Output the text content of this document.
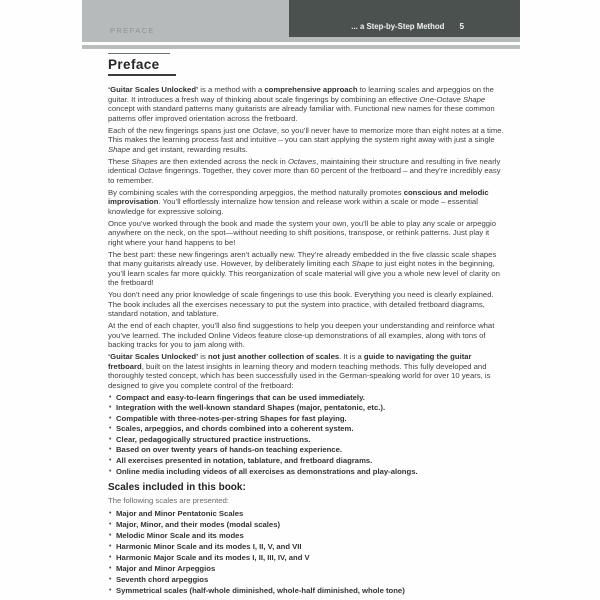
PREFACE	... a Step-by-Step Method 5
Preface

‘Guitar Scales Unlocked’ is a method with a comprehensive approach to learning scales and arpeggios on the guitar. It introduces a fresh way of thinking about scale fingerings by combining an effective One-Octave Shape concept with standard patterns many guitarists are already familiar with. Functional new names for these common patterns offer improved orientation across the fretboard.

Each of the new fingerings spans just one Octave, so you’ll never have to memorize more than eight notes at a time. This makes the learning process fast and intuitive – you can start applying the system right away with just a single Shape and get instant, rewarding results.

These Shapes are then extended across the neck in Octaves, maintaining their structure and resulting in five nearly identical Octave fingerings. Together, they cover more than 60 percent of the fretboard – and they’re incredibly easy to remember.

By combining scales with the corresponding arpeggios, the method naturally promotes conscious and melodic improvisation. You’ll effortlessly internalize how tension and release work within a scale or mode – essential knowledge for expressive soloing.

Once you’ve worked through the book and made the system your own, you’ll be able to play any scale or arpeggio anywhere on the neck, on the spot—without needing to shift positions, transpose, or rethink patterns. Just play it right where your hand happens to be!

The best part: these new fingerings aren’t actually new. They’re already embedded in the five classic scale shapes that many guitarists already use. However, by deliberately limiting each Shape to just eight notes in the beginning, you’ll learn scales far more quickly. This reorganization of scale material will give you a whole new level of clarity on the fretboard!

You don’t need any prior knowledge of scale fingerings to use this book. Everything you need is clearly explained. The book includes all the exercises necessary to put the system into practice, with detailed fretboard diagrams, standard notation, and tablature.

At the end of each chapter, you’ll also find suggestions to help you deepen your understanding and reinforce what you’ve learned. The included Online Videos feature close-up demonstrations of all examples, along with tons of backing tracks for you to jam along with.

‘Guitar Scales Unlocked’ is not just another collection of scales. It is a guide to navigating the guitar fretboard, built on the latest insights in learning theory and modern teaching methods. This fully developed and thoroughly tested concept, which has been successfully used in the German-speaking world for over 10 years, is designed to give you complete control of the fretboard:

• Compact and easy-to-learn fingerings that can be used immediately.
• Integration with the well-known standard Shapes (major, pentatonic, etc.).
• Compatible with three-notes-per-string Shapes for fast playing.
• Scales, arpeggios, and chords combined into a coherent system.
• Clear, pedagogically structured practice instructions.
• Based on over twenty years of hands-on teaching experience.
• All exercises presented in notation, tablature, and fretboard diagrams.
• Online media including videos of all exercises as demonstrations and play-alongs.
Scales included in this book:
The following scales are presented:
• Major and Minor Pentatonic Scales
• Major, Minor, and their modes (modal scales)
• Melodic Minor Scale and its modes
• Harmonic Minor Scale and its modes I, II, V, and VII
• Harmonic Major Scale and its modes I, II, III, IV, and V
• Major and Minor Arpeggios
• Seventh chord arpeggios
• Symmetrical scales (half-whole diminished, whole-half diminished, whole tone)
